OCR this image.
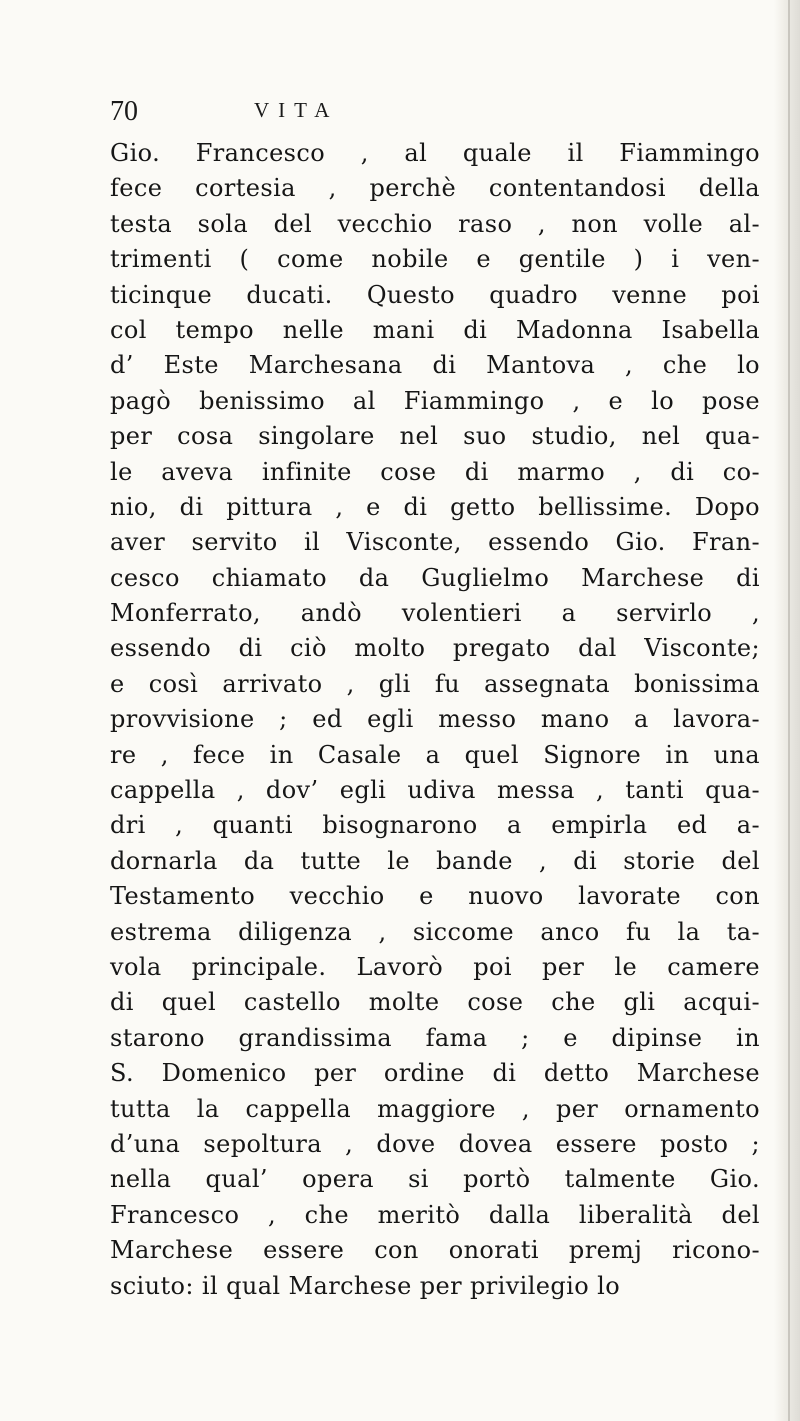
70	VITA
Gio. Francesco , al quale il Fiammingo
fece cortesia , perchè contentandosi della
testa sola del vecchio raso , non volle al-
trimenti ( come nobile e gentile ) i ven-
ticinque ducati. Questo quadro venne poi
col tempo nelle mani di Madonna Isabella
d’ Este Marchesana di Mantova , che lo
pagò benissimo al Fiammingo , e lo pose
per cosa singolare nel suo studio, nel qua-
le aveva infinite cose di marmo , di co-
nio, di pittura , e di getto bellissime. Dopo
aver servito il Visconte, essendo Gio. Fran-
cesco chiamato da Guglielmo Marchese di
Monferrato, andò volentieri a servirlo ,
essendo di ciò molto pregato dal Visconte;
e così arrivato , gli fu assegnata bonissima
provvisione ; ed egli messo mano a lavora-
re , fece in Casale a quel Signore in una
cappella , dov’ egli udiva messa , tanti qua-
dri , quanti bisognarono a empirla ed a-
dornarla da tutte le bande , di storie del
Testamento vecchio e nuovo lavorate con
estrema diligenza , siccome anco fu la ta-
vola principale. Lavorò poi per le camere
di quel castello molte cose che gli acqui-
starono grandissima fama ; e dipinse in
S. Domenico per ordine di detto Marchese
tutta la cappella maggiore , per ornamento
d’una sepoltura , dove dovea essere posto ;
nella qual’ opera si portò talmente Gio.
Francesco , che meritò dalla liberalità del
Marchese essere con onorati premj ricono-
sciuto: il qual Marchese per privilegio lo
